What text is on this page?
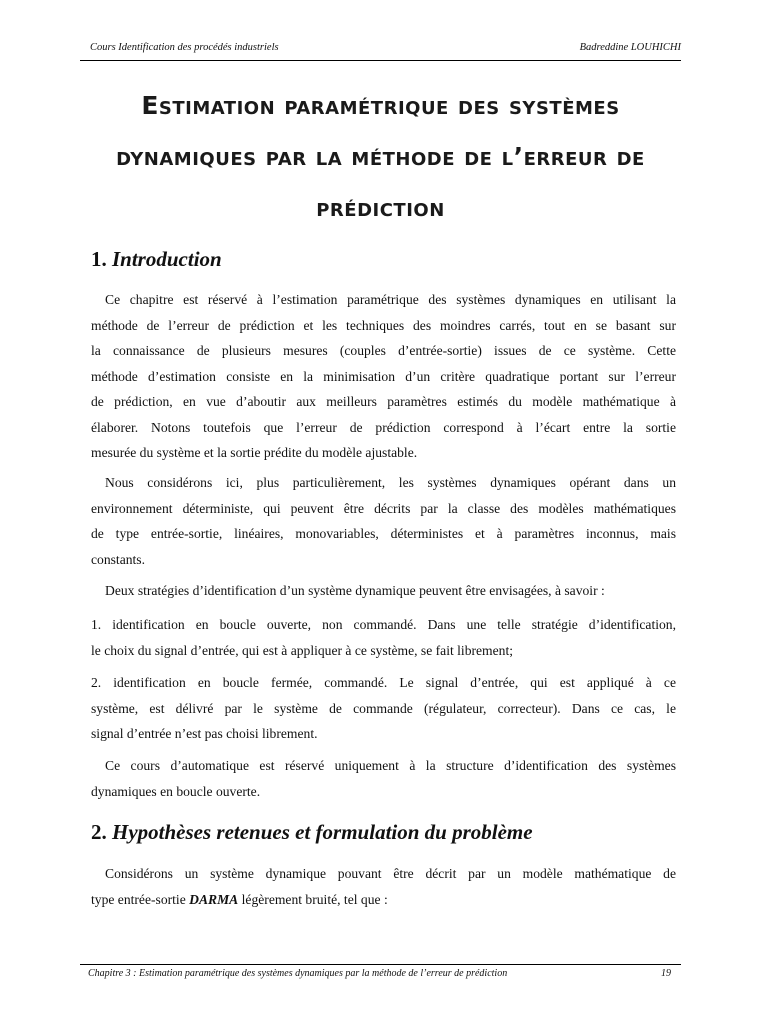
Cours Identification des procédés industriels	Badreddine LOUHICHI
Estimation paramétrique des systèmes
dynamiques par la méthode de l’erreur de
prédiction
1. Introduction
Ce chapitre est réservé à l’estimation paramétrique des systèmes dynamiques en utilisant la
méthode de l’erreur de prédiction et les techniques des moindres carrés, tout en se basant sur
la connaissance de plusieurs mesures (couples d’entrée-sortie) issues de ce système. Cette
méthode d’estimation consiste en la minimisation d’un critère quadratique portant sur l’erreur
de prédiction, en vue d’aboutir aux meilleurs paramètres estimés du modèle mathématique à
élaborer. Notons toutefois que l’erreur de prédiction correspond à l’écart entre la sortie
mesurée du système et la sortie prédite du modèle ajustable.
Nous considérons ici, plus particulièrement, les systèmes dynamiques opérant dans un
environnement déterministe, qui peuvent être décrits par la classe des modèles mathématiques
de type entrée-sortie, linéaires, monovariables, déterministes et à paramètres inconnus, mais
constants.
Deux stratégies d’identification d’un système dynamique peuvent être envisagées, à savoir :
1. identification en boucle ouverte, non commandé. Dans une telle stratégie d’identification,
le choix du signal d’entrée, qui est à appliquer à ce système, se fait librement;
2. identification en boucle fermée, commandé. Le signal d’entrée, qui est appliqué à ce
système, est délivré par le système de commande (régulateur, correcteur). Dans ce cas, le
signal d’entrée n’est pas choisi librement.
Ce cours d’automatique est réservé uniquement à la structure d’identification des systèmes
dynamiques en boucle ouverte.
2. Hypothèses retenues et formulation du problème
Considérons un système dynamique pouvant être décrit par un modèle mathématique de
type entrée-sortie DARMA légèrement bruité, tel que :
Chapitre 3 : Estimation paramétrique des systèmes dynamiques par la méthode de l’erreur de prédiction	19
